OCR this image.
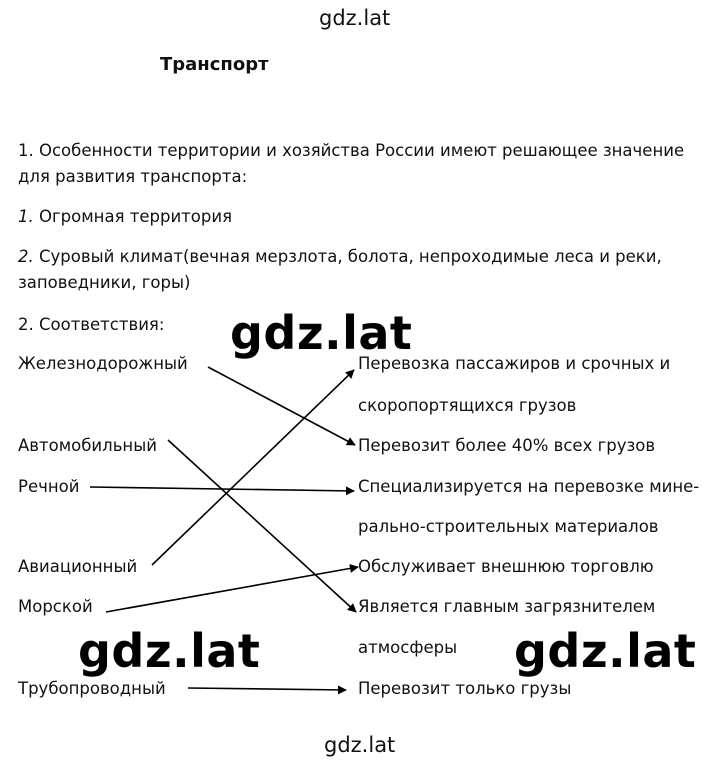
gdz.lat
gdz.lat
gdz.lat	gdz.lat
gdz.lat
Транспорт
1. Особенности территории и хозяйства России имеют решающее значение
для развития транспорта:
1. Огромная территория
2. Суровый климат(вечная мерзлота, болота, непроходимые леса и реки,
заповедники, горы)
2. Соответствия:
Железнодорожный
Автомобильный
Речной
Авиационный
Морской
Трубопроводный
Перевозка пассажиров и срочных и
скоропортящихся грузов
Перевозит более 40% всех грузов
Специализируется на перевозке мине-
рально-строительных материалов
Обслуживает внешнюю торговлю
Является главным загрязнителем
атмосферы
Перевозит только грузы
